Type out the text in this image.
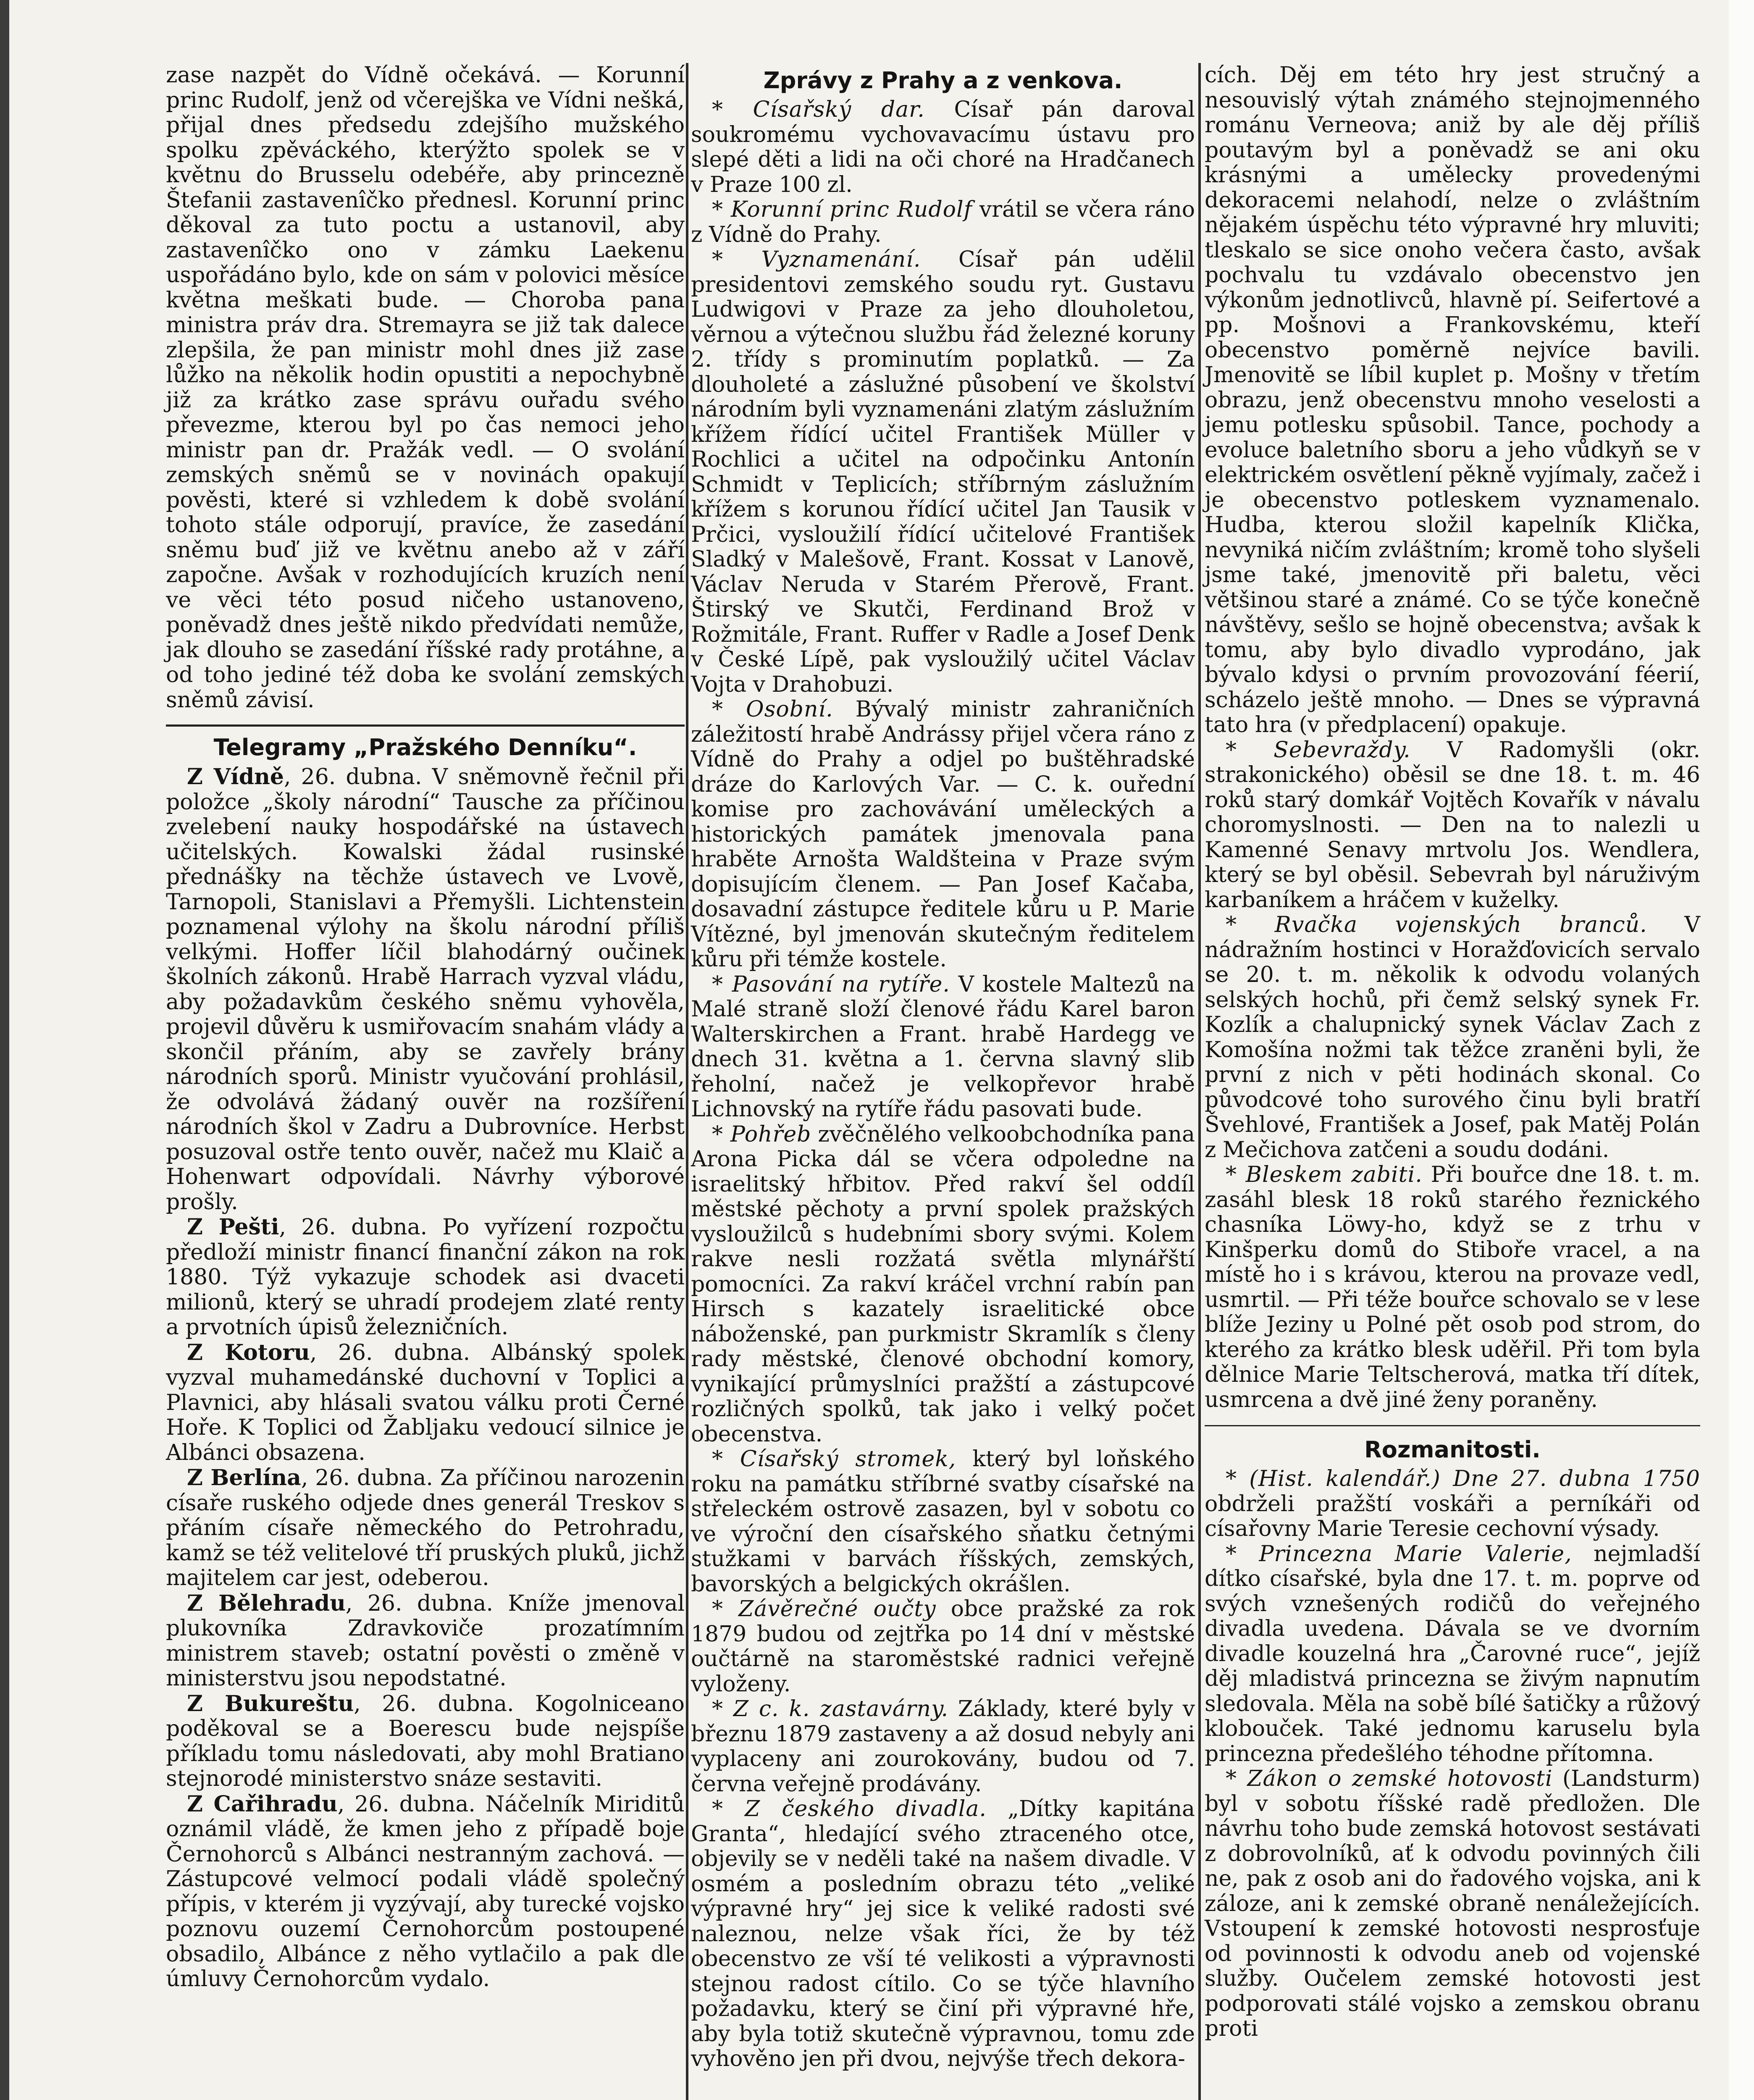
zase nazpět do Vídně očekává. — Korunní princ Rudolf, jenž od včerejška ve Vídni nešká, přijal dnes předsedu zdejšího mužského spolku zpěváckého, kterýžto spolek se v květnu do Brusselu odebéře, aby princezně Štefanii zastavenîčko přednesl. Korunní princ děkoval za tuto poctu a ustanovil, aby zastavenîčko ono v zámku Laekenu uspořádáno bylo, kde on sám v polovici měsíce května meškati bude. — Choroba pana ministra práv dra. Stremayra se již tak dalece zlepšila, že pan ministr mohl dnes již zase lůžko na několik hodin opustiti a nepochybně již za krátko zase správu ouřadu svého převezme, kterou byl po čas nemoci jeho ministr pan dr. Pražák vedl. — O svolání zemských sněmů se v novinách opakují pověsti, které si vzhledem k době svolání tohoto stále odporují, pravíce, že zasedání sněmu buď již ve květnu anebo až v září započne. Avšak v rozhodujících kruzích není ve věci této posud ničeho ustanoveno, poněvadž dnes ještě nikdo předvídati nemůže, jak dlouho se zasedání říšské rady protáhne, a od toho jediné též doba ke svolání zemských sněmů závisí.

Telegramy „Pražského Denníku“.

Z Vídně, 26. dubna. V sněmovně řečnil při položce „školy národní“ Tausche za příčinou zvelebení nauky hospodářské na ústavech učitelských. Kowalski žádal rusinské přednášky na těchže ústavech ve Lvově, Tarnopoli, Stanislavi a Přemyšli. Lichtenstein poznamenal výlohy na školu národní příliš velkými. Hoffer líčil blahodárný oučinek školních zákonů. Hrabě Harrach vyzval vládu, aby požadavkům českého sněmu vyhověla, projevil důvěru k usmiřovacím snahám vlády a skončil přáním, aby se zavřely brány národních sporů. Ministr vyučování prohlásil, že odvolává žádaný ouvěr na rozšíření národních škol v Zadru a Dubrovníce. Herbst posuzoval ostře tento ouvěr, načež mu Klaič a Hohenwart odpovídali. Návrhy výborové prošly.

Z Pešti, 26. dubna. Po vyřízení rozpočtu předloží ministr financí finanční zákon na rok 1880. Týž vykazuje schodek asi dvaceti milionů, který se uhradí prodejem zlaté renty a prvotních úpisů železničních.

Z Kotoru, 26. dubna. Albánský spolek vyzval muhamedánské duchovní v Toplici a Plavnici, aby hlásali svatou válku proti Černé Hoře. K Toplici od Žabljaku vedoucí silnice je Albánci obsazena.

Z Berlína, 26. dubna. Za příčinou narozenin císaře ruského odjede dnes generál Treskov s přáním císaře německého do Petrohradu, kamž se též velitelové tří pruských pluků, jichž majitelem car jest, odeberou.

Z Bělehradu, 26. dubna. Kníže jmenoval plukovníka Zdravkoviče prozatímním ministrem staveb; ostatní pověsti o změně v ministerstvu jsou nepodstatné.

Z Bukureštu, 26. dubna. Kogolniceano poděkoval se a Boerescu bude nejspíše příkladu tomu následovati, aby mohl Bratiano stejnorodé ministerstvo snáze sestaviti.

Z Cařihradu, 26. dubna. Náčelník Miriditů oznámil vládě, že kmen jeho z případě boje Černohorců s Albánci nestranným zachová. — Zástupcové velmocí podali vládě společný přípis, v kterém ji vyzývají, aby turecké vojsko poznovu ouzemí Černohorcům postoupené obsadilo, Albánce z něho vytlačilo a pak dle úmluvy Černohorcům vydalo.

Zprávy z Prahy a z venkova.

* Císařský dar. Císař pán daroval soukromému vychovavacímu ústavu pro slepé děti a lidi na oči choré na Hradčanech v Praze 100 zl.

* Korunní princ Rudolf vrátil se včera ráno z Vídně do Prahy.

* Vyznamenání. Císař pán udělil presidentovi zemského soudu ryt. Gustavu Ludwigovi v Praze za jeho dlouholetou, věrnou a výtečnou službu řád železné koruny 2. třídy s prominutím poplatků. — Za dlouholeté a záslužné působení ve školství národním byli vyznamenáni zlatým záslužním křížem řídící učitel František Müller v Rochlici a učitel na odpočinku Antonín Schmidt v Teplicích; stříbrným záslužním křížem s korunou řídící učitel Jan Tausik v Prčici, vysloužilí řídící učitelové František Sladký v Malešově, Frant. Kossat v Lanově, Václav Neruda v Starém Přerově, Frant. Štirský ve Skutči, Ferdinand Brož v Rožmitále, Frant. Ruffer v Radle a Josef Denk v České Lípě, pak vysloužilý učitel Václav Vojta v Drahobuzi.

* Osobní. Bývalý ministr zahraničních záležitostí hrabě Andrássy přijel včera ráno z Vídně do Prahy a odjel po buštěhradské dráze do Karlových Var. — C. k. ouřední komise pro zachovávání uměleckých a historických památek jmenovala pana hraběte Arnošta Waldšteina v Praze svým dopisujícím členem. — Pan Josef Kačaba, dosavadní zástupce ředitele kůru u P. Marie Vítězné, byl jmenován skutečným ředitelem kůru při témže kostele.

* Pasování na rytíře. V kostele Maltezů na Malé straně složí členové řádu Karel baron Walterskirchen a Frant. hrabě Hardegg ve dnech 31. května a 1. června slavný slib řeholní, načež je velkopřevor hrabě Lichnovský na rytíře řádu pasovati bude.

* Pohřeb zvěčnělého velkoobchodníka pana Arona Picka dál se včera odpoledne na israelitský hřbitov. Před rakví šel oddíl městské pěchoty a první spolek pražských vysloužilců s hudebními sbory svými. Kolem rakve nesli rozžatá světla mlynářští pomocníci. Za rakví kráčel vrchní rabín pan Hirsch s kazately israelitické obce náboženské, pan purkmistr Skramlík s členy rady městské, členové obchodní komory, vynikající průmyslníci pražští a zástupcové rozličných spolků, tak jako i velký počet obecenstva.

* Císařský stromek, který byl loňského roku na památku stříbrné svatby císařské na střeleckém ostrově zasazen, byl v sobotu co ve výroční den císařského sňatku četnými stužkami v barvách říšských, zemských, bavorských a belgických okrášlen.

* Závěrečné oučty obce pražské za rok 1879 budou od zejtřka po 14 dní v městské oučtárně na staroměstské radnici veřejně vyloženy.

* Z c. k. zastavárny. Základy, které byly v březnu 1879 zastaveny a až dosud nebyly ani vyplaceny ani zourokovány, budou od 7. června veřejně prodávány.

* Z českého divadla. „Dítky kapitána Granta“, hledající svého ztraceného otce, objevily se v neděli také na našem divadle. V osmém a posledním obrazu této „veliké výpravné hry“ jej sice k veliké radosti své naleznou, nelze však říci, že by též obecenstvo ze vší té velikosti a výpravnosti stejnou radost cítilo. Co se týče hlavního požadavku, který se činí při výpravné hře, aby byla totiž skutečně výpravnou, tomu zde vyhověno jen při dvou, nejvýše třech dekora-

cích. Děj em této hry jest stručný a nesouvislý výtah známého stejnojmenného románu Verneova; aniž by ale děj příliš poutavým byl a poněvadž se ani oku krásnými a umělecky provedenými dekoracemi nelahodí, nelze o zvláštním nějakém úspěchu této výpravné hry mluviti; tleskalo se sice onoho večera často, avšak pochvalu tu vzdávalo obecenstvo jen výkonům jednotlivců, hlavně pí. Seifertové a pp. Mošnovi a Frankovskému, kteří obecenstvo poměrně nejvíce bavili. Jmenovitě se líbil kuplet p. Mošny v třetím obrazu, jenž obecenstvu mnoho veselosti a jemu potlesku spůsobil. Tance, pochody a evoluce baletního sboru a jeho vůdkyň se v elektrickém osvětlení pěkně vyjímaly, začež i je obecenstvo potleskem vyznamenalo. Hudba, kterou složil kapelník Klička, nevyniká ničím zvláštním; kromě toho slyšeli jsme také, jmenovitě při baletu, věci většinou staré a známé. Co se týče konečně návštěvy, sešlo se hojně obecenstva; avšak k tomu, aby bylo divadlo vyprodáno, jak bývalo kdysi o prvním provozování féerií, scházelo ještě mnoho. — Dnes se výpravná tato hra (v předplacení) opakuje.

* Sebevraždy. V Radomyšli (okr. strakonického) oběsil se dne 18. t. m. 46 roků starý domkář Vojtěch Kovařík v návalu choromyslnosti. — Den na to nalezli u Kamenné Senavy mrtvolu Jos. Wendlera, který se byl oběsil. Sebevrah byl náruživým karbaníkem a hráčem v kuželky.

* Rvačka vojenských branců. V nádražním hostinci v Horažďovicích servalo se 20. t. m. několik k odvodu volaných selských hochů, při čemž selský synek Fr. Kozlík a chalupnický synek Václav Zach z Komošína nožmi tak těžce zraněni byli, že první z nich v pěti hodinách skonal. Co původcové toho surového činu byli bratří Švehlové, František a Josef, pak Matěj Polán z Mečichova zatčeni a soudu dodáni.

* Bleskem zabiti. Při bouřce dne 18. t. m. zasáhl blesk 18 roků starého řeznického chasníka Löwy-ho, když se z trhu v Kinšperku domů do Stiboře vracel, a na místě ho i s krávou, kterou na provaze vedl, usmrtil. — Při téže bouřce schovalo se v lese blíže Jeziny u Polné pět osob pod strom, do kterého za krátko blesk uděřil. Při tom byla dělnice Marie Teltscherová, matka tří dítek, usmrcena a dvě jiné ženy poraněny.

Rozmanitosti.

* (Hist. kalendář.) Dne 27. dubna 1750 obdrželi pražští voskáři a perníkáři od císařovny Marie Teresie cechovní výsady.

* Princezna Marie Valerie, nejmladší dítko císařské, byla dne 17. t. m. poprve od svých vznešených rodičů do veřejného divadla uvedena. Dávala se ve dvorním divadle kouzelná hra „Čarovné ruce“, jejíž děj mladistvá princezna se živým napnutím sledovala. Měla na sobě bílé šatičky a růžový klobouček. Také jednomu karuselu byla princezna předešlého téhodne přítomna.

* Zákon o zemské hotovosti (Landsturm) byl v sobotu říšské radě předložen. Dle návrhu toho bude zemská hotovost sestávati z dobrovolníků, ať k odvodu povinných čili ne, pak z osob ani do řadového vojska, ani k záloze, ani k zemské obraně nenáležejících. Vstoupení k zemské hotovosti nesprosťuje od povinnosti k odvodu aneb od vojenské služby. Oučelem zemské hotovosti jest podporovati stálé vojsko a zemskou obranu proti
